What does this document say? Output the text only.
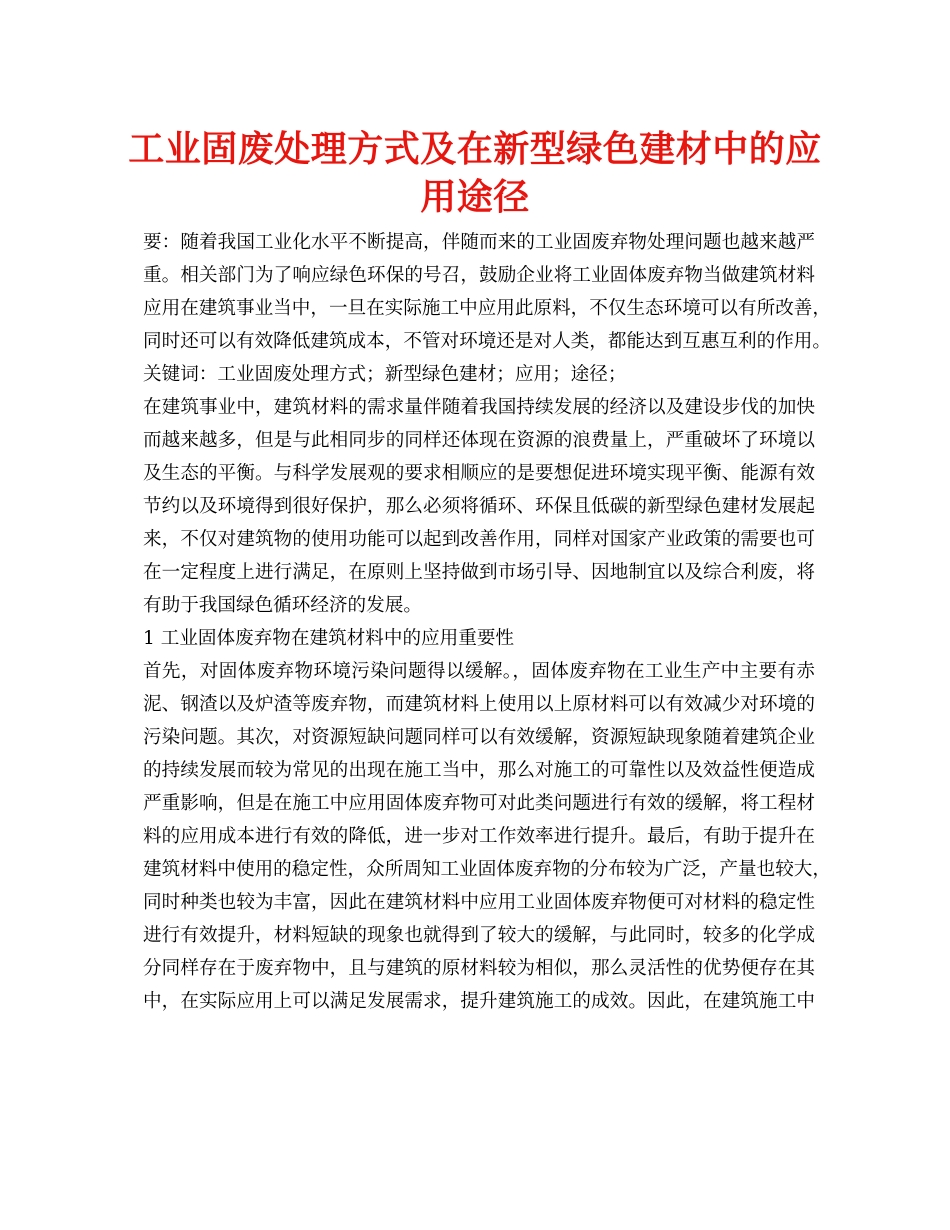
工业固废处理方式及在新型绿色建材中的应
用途径
要：随着我国工业化水平不断提高，伴随而来的工业固废弃物处理问题也越来越严
重。相关部门为了响应绿色环保的号召，鼓励企业将工业固体废弃物当做建筑材料
应用在建筑事业当中，一旦在实际施工中应用此原料，不仅生态环境可以有所改善，
同时还可以有效降低建筑成本，不管对环境还是对人类，都能达到互惠互利的作用。
关键词：工业固废处理方式；新型绿色建材；应用；途径；
在建筑事业中，建筑材料的需求量伴随着我国持续发展的经济以及建设步伐的加快
而越来越多，但是与此相同步的同样还体现在资源的浪费量上，严重破坏了环境以
及生态的平衡。与科学发展观的要求相顺应的是要想促进环境实现平衡、能源有效
节约以及环境得到很好保护，那么必须将循环、环保且低碳的新型绿色建材发展起
来，不仅对建筑物的使用功能可以起到改善作用，同样对国家产业政策的需要也可
在一定程度上进行满足，在原则上坚持做到市场引导、因地制宜以及综合利废，将
有助于我国绿色循环经济的发展。
1 工业固体废弃物在建筑材料中的应用重要性
首先，对固体废弃物环境污染问题得以缓解。，固体废弃物在工业生产中主要有赤
泥、钢渣以及炉渣等废弃物，而建筑材料上使用以上原材料可以有效减少对环境的
污染问题。其次，对资源短缺问题同样可以有效缓解，资源短缺现象随着建筑企业
的持续发展而较为常见的出现在施工当中，那么对施工的可靠性以及效益性便造成
严重影响，但是在施工中应用固体废弃物可对此类问题进行有效的缓解，将工程材
料的应用成本进行有效的降低，进一步对工作效率进行提升。最后，有助于提升在
建筑材料中使用的稳定性，众所周知工业固体废弃物的分布较为广泛，产量也较大，
同时种类也较为丰富，因此在建筑材料中应用工业固体废弃物便可对材料的稳定性
进行有效提升，材料短缺的现象也就得到了较大的缓解，与此同时，较多的化学成
分同样存在于废弃物中，且与建筑的原材料较为相似，那么灵活性的优势便存在其
中，在实际应用上可以满足发展需求，提升建筑施工的成效。因此，在建筑施工中
